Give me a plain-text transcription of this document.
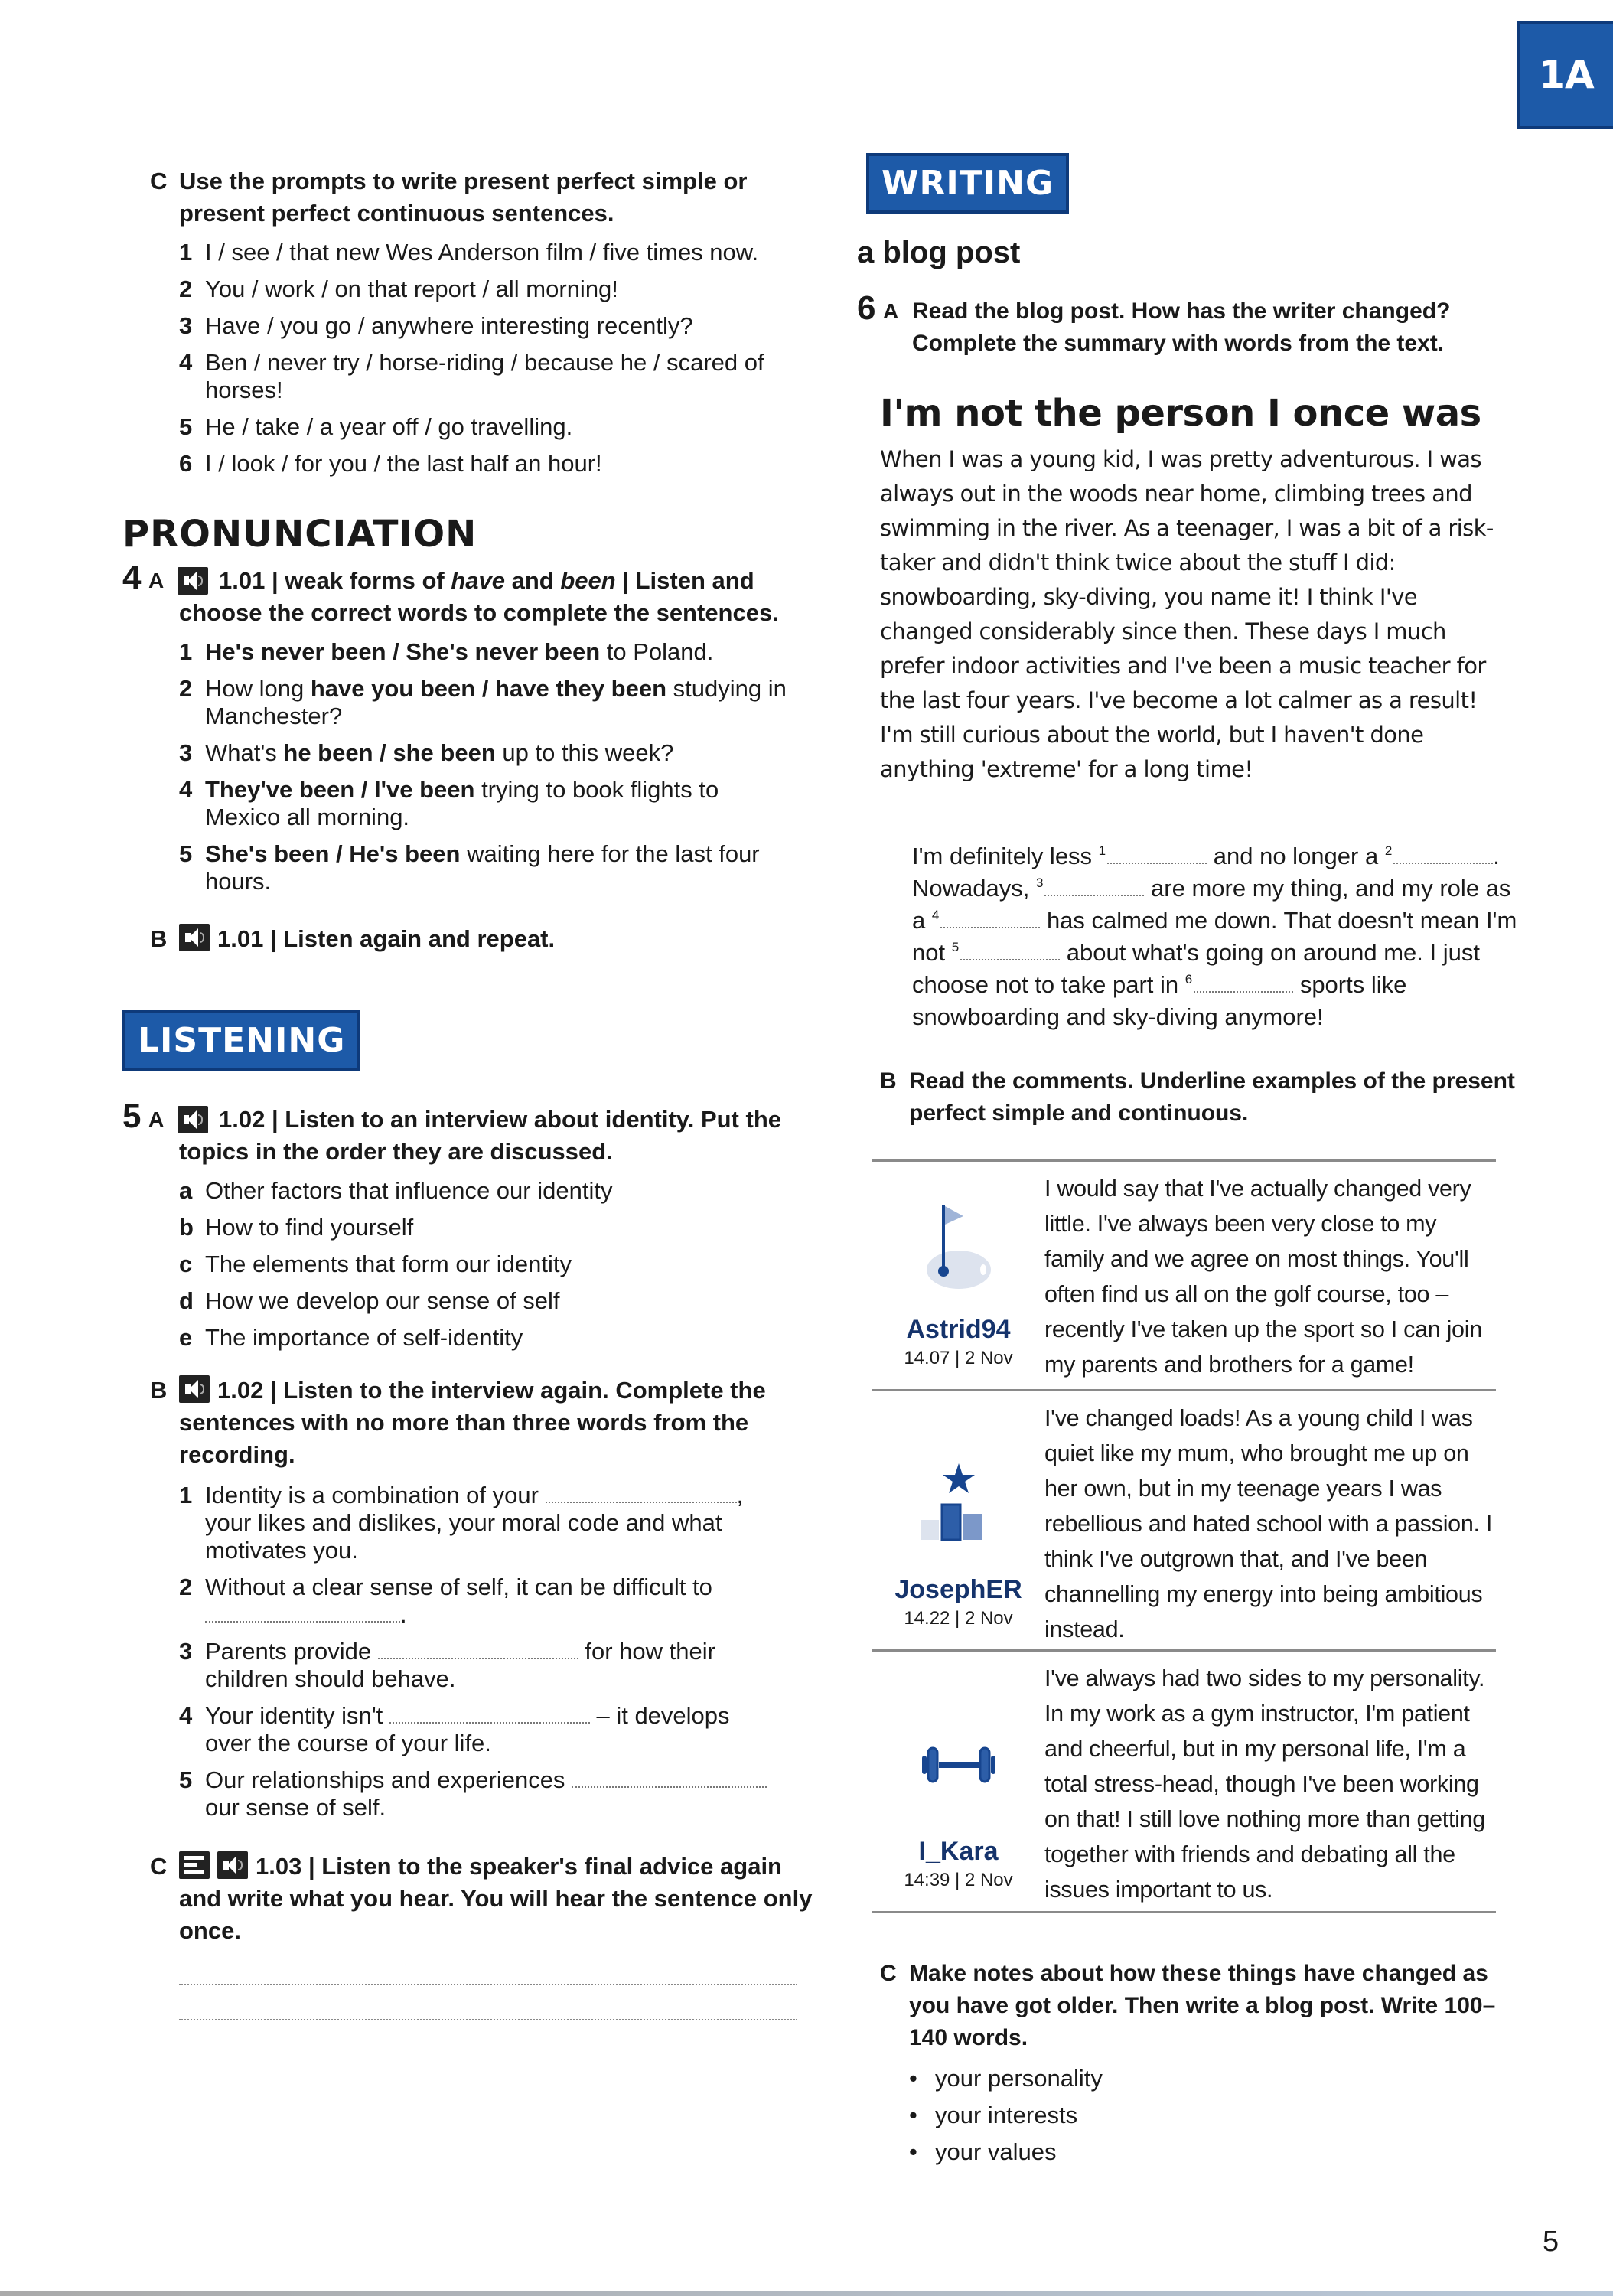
1A
C Use the prompts to write present perfect simple or present perfect continuous sentences.
1 I / see / that new Wes Anderson film / five times now.
2 You / work / on that report / all morning!
3 Have / you go / anywhere interesting recently?
4 Ben / never try / horse-riding / because he / scared of horses!
5 He / take / a year off / go travelling.
6 I / look / for you / the last half an hour!
PRONUNCIATION
4 A 1.01 | weak forms of have and been | Listen and choose the correct words to complete the sentences.
1 He's never been / She's never been to Poland.
2 How long have you been / have they been studying in Manchester?
3 What's he been / she been up to this week?
4 They've been / I've been trying to book flights to Mexico all morning.
5 She's been / He's been waiting here for the last four hours.
B 1.01 | Listen again and repeat.
LISTENING
5 A 1.02 | Listen to an interview about identity. Put the topics in the order they are discussed.
a Other factors that influence our identity
b How to find yourself
c The elements that form our identity
d How we develop our sense of self
e The importance of self-identity
B 1.02 | Listen to the interview again. Complete the sentences with no more than three words from the recording.
1 Identity is a combination of your	, your likes and dislikes, your moral code and what motivates you.
2 Without a clear sense of self, it can be difficult to .
3 Parents provide	for how their children should behave.
4 Your identity isn't	– it develops over the course of your life.
5 Our relationships and experiences  our sense of self.
C	1.03 | Listen to the speaker's final advice again and write what you hear. You will hear the sentence only once.
WRITING
a blog post
6 A Read the blog post. How has the writer changed? Complete the summary with words from the text.
I'm not the person I once was
When I was a young kid, I was pretty adventurous. I was always out in the woods near home, climbing trees and swimming in the river. As a teenager, I was a bit of a risk-taker and didn't think twice about the stuff I did: snowboarding, sky-diving, you name it! I think I've changed considerably since then. These days I much prefer indoor activities and I've been a music teacher for the last four years. I've become a lot calmer as a result! I'm still curious about the world, but I haven't done anything 'extreme' for a long time!
I'm definitely less $^1$	and no longer a $^2$	. Nowadays, $^3$	are more my thing, and my role as a $^4$	has calmed me down. That doesn't mean I'm not $^5$	about what's going on around me. I just choose not to take part in $^6$	sports like snowboarding and sky-diving anymore!
B Read the comments. Underline examples of the present perfect simple and continuous.
Astrid94
14.07 | 2 Nov
I would say that I've actually changed very little. I've always been very close to my family and we agree on most things. You'll often find us all on the golf course, too – recently I've taken up the sport so I can join my parents and brothers for a game!
JosephER
14.22 | 2 Nov
I've changed loads! As a young child I was quiet like my mum, who brought me up on her own, but in my teenage years I was rebellious and hated school with a passion. I think I've outgrown that, and I've been channelling my energy into being ambitious instead.
I_Kara
14:39 | 2 Nov
I've always had two sides to my personality. In my work as a gym instructor, I'm patient and cheerful, but in my personal life, I'm a total stress-head, though I've been working on that! I still love nothing more than getting together with friends and debating all the issues important to us.
C Make notes about how these things have changed as you have got older. Then write a blog post. Write 100–140 words.
• your personality
• your interests
• your values
5
